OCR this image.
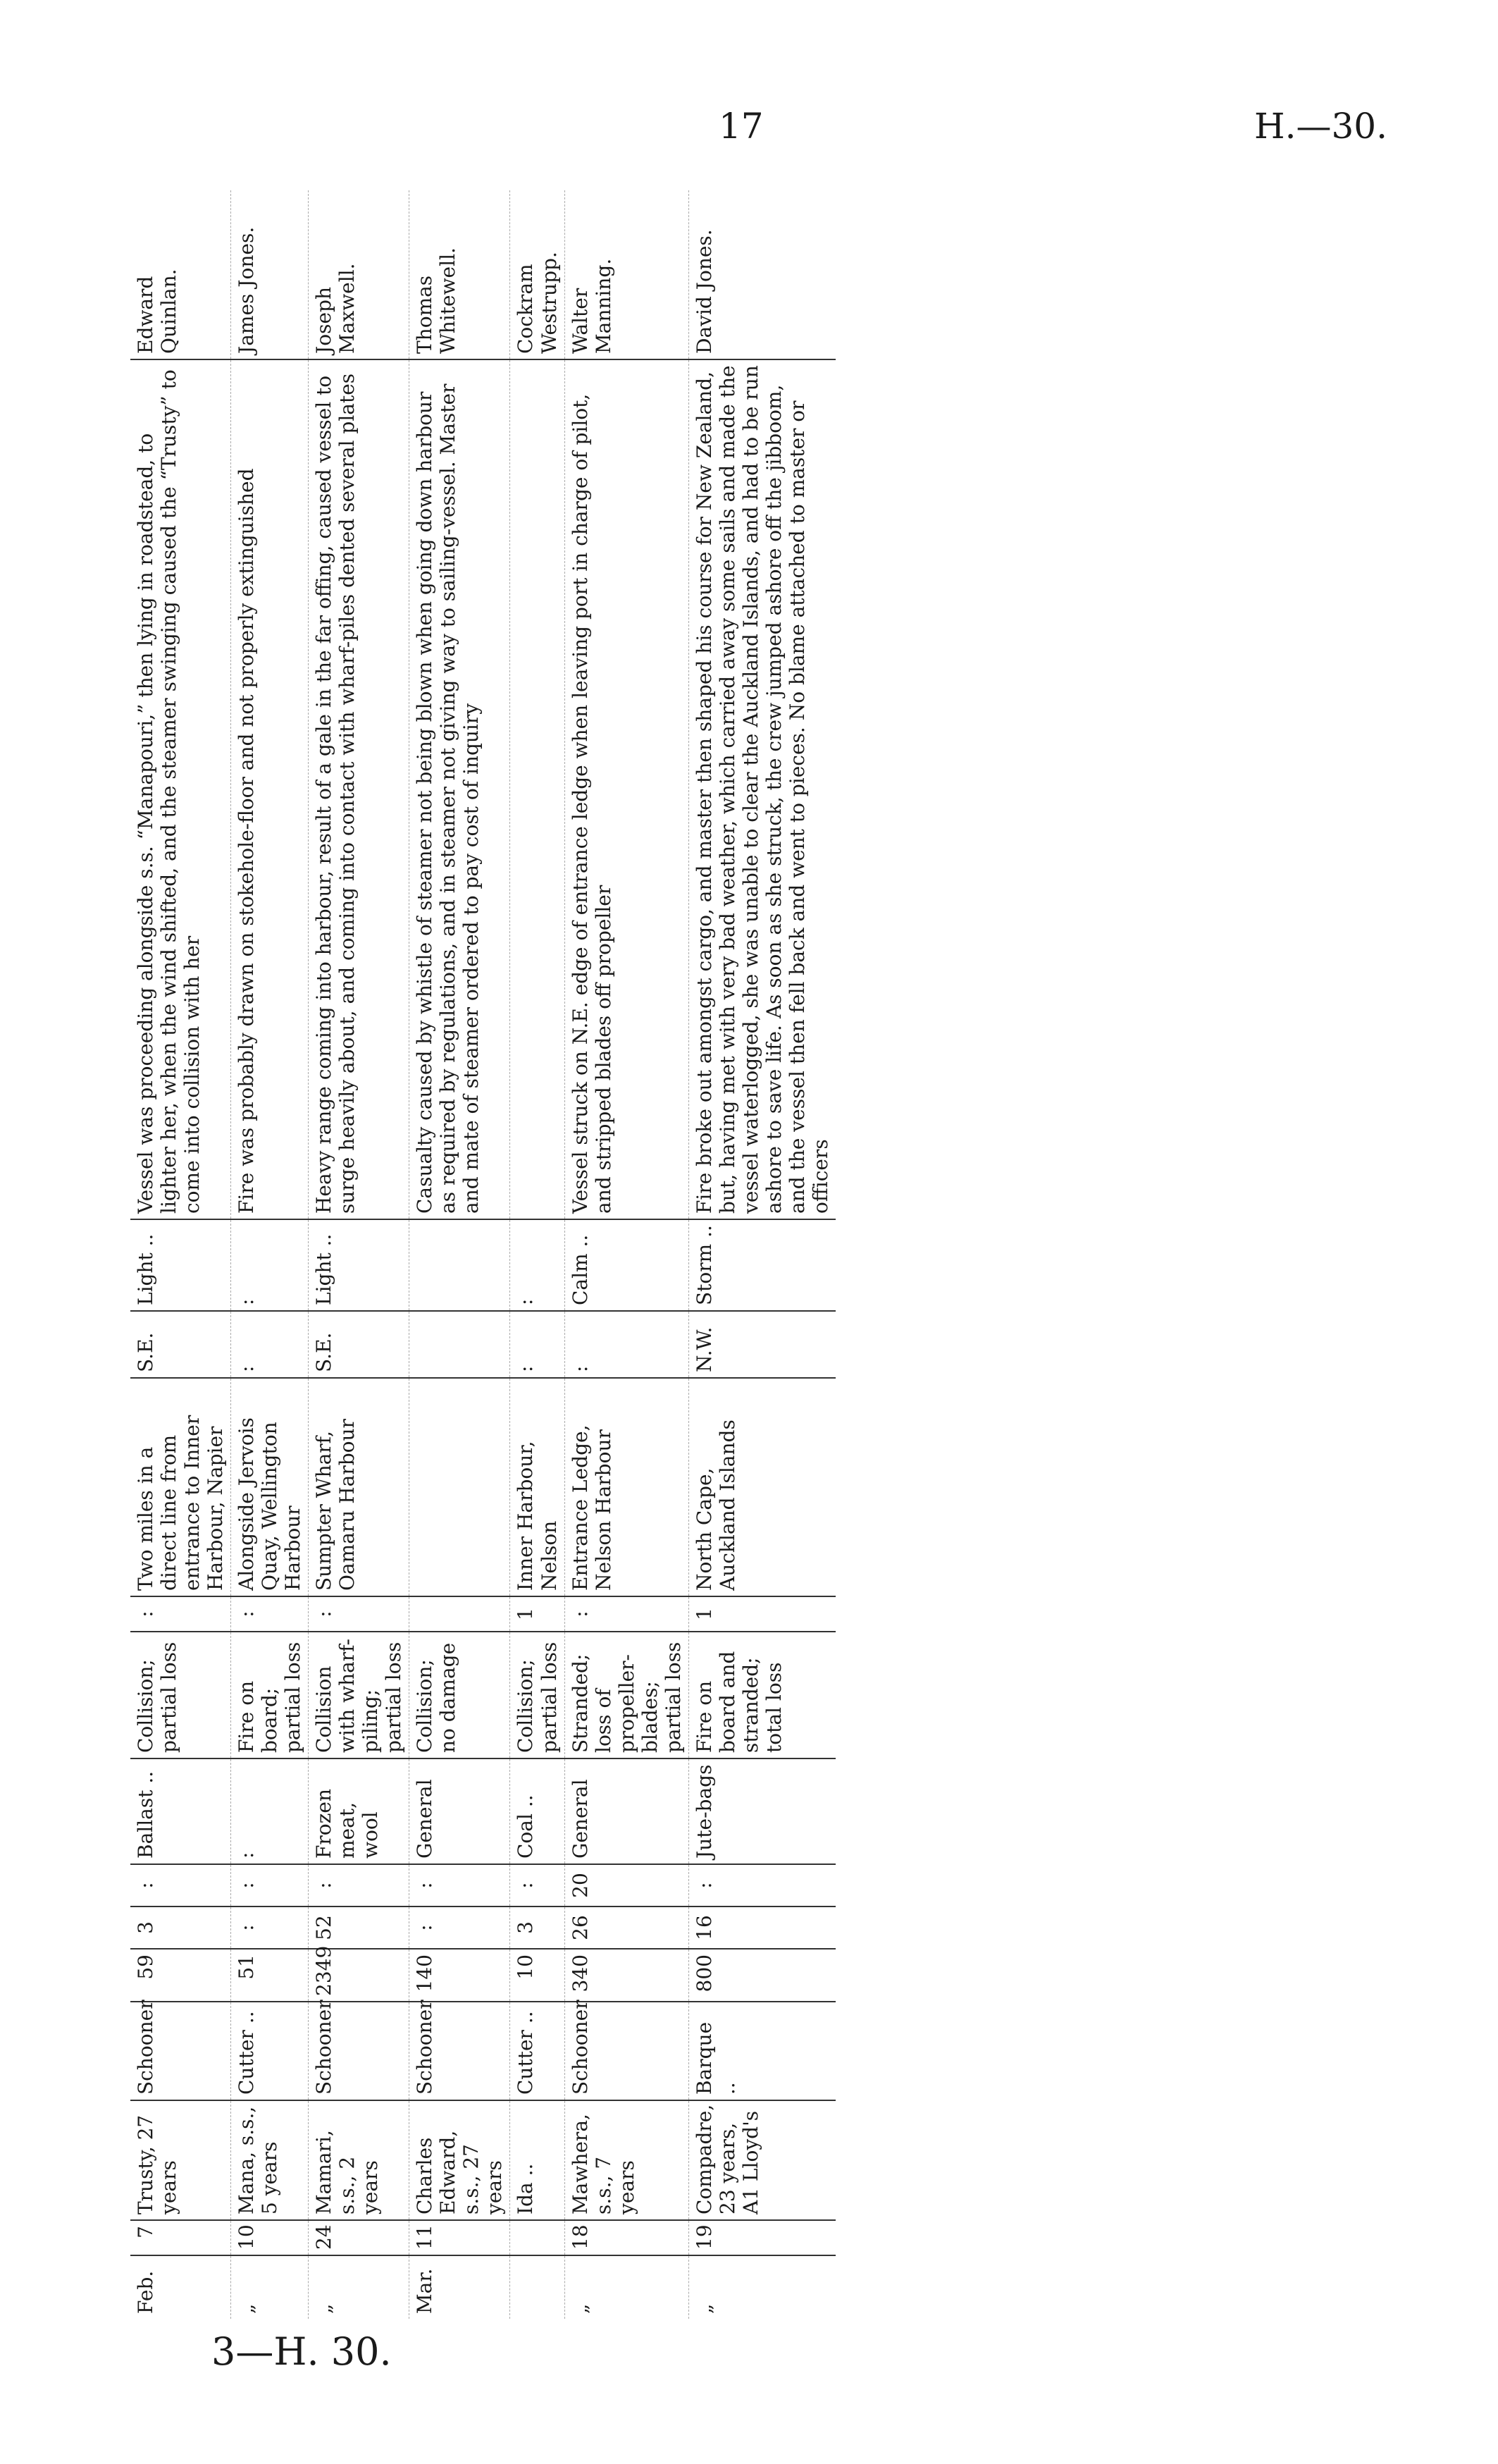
17	H.—30.
Feb.	7	Trusty, 27 years	Schooner	59	3	:	Ballast ..	Collision; partial loss	:	Two miles in a direct line from entrance to Inner Harbour, Napier	S.E.	Light ..	Vessel was proceeding alongside s.s. “Manapouri,” then lying in roadstead, to lighter her, when the wind shifted, and the steamer swinging caused the “Trusty” to come into collision with her	Edward Quinlan.
„	10	Mana, s.s., 5 years	Cutter ..	51	:	:	:	Fire on board; partial loss	:	Alongside Jervois Quay, Wellington Harbour	:	:	Fire was probably drawn on stokehole-floor and not properly extinguished	James Jones.
„	24	Mamari, s.s., 2 years	Schooner	2349	52	:	Frozen meat, wool	Collision with wharf-piling; partial loss	:	Sumpter Wharf, Oamaru Harbour	S.E.	Light ..	Heavy range coming into harbour, result of a gale in the far offing, caused vessel to surge heavily about, and coming into contact with wharf-piles dented several plates	Joseph Maxwell.
Mar.	11	Charles Edward, s.s., 27 years	Schooner	140	:	:	General	Collision; no damage					Casualty caused by whistle of steamer not being blown when going down harbour as required by regulations, and in steamer not giving way to sailing-vessel. Master and mate of steamer ordered to pay cost of inquiry	Thomas Whitewell.
		Ida ..	Cutter ..	10	3	:	Coal ..	Collision; partial loss	1	Inner Harbour, Nelson	:	:		Cockram Westrupp.
„	18	Mawhera, s.s., 7 years	Schooner	340	26	20	General	Stranded; loss of propeller-blades; partial loss	:	Entrance Ledge, Nelson Harbour	:	Calm ..	Vessel struck on N.E. edge of entrance ledge when leaving port in charge of pilot, and stripped blades off propeller	Walter Manning.
„	19	Compadre, 23 years, A1 Lloyd's	Barque ..	800	16	:	Jute-bags	Fire on board and stranded; total loss	1	North Cape, Auckland Islands	N.W.	Storm ..	Fire broke out amongst cargo, and master then shaped his course for New Zealand, but, having met with very bad weather, which carried away some sails and made the vessel waterlogged, she was unable to clear the Auckland Islands, and had to be run ashore to save life. As soon as she struck, the crew jumped ashore off the jibboom, and the vessel then fell back and went to pieces. No blame attached to master or officers	David Jones.
3—H. 30.
